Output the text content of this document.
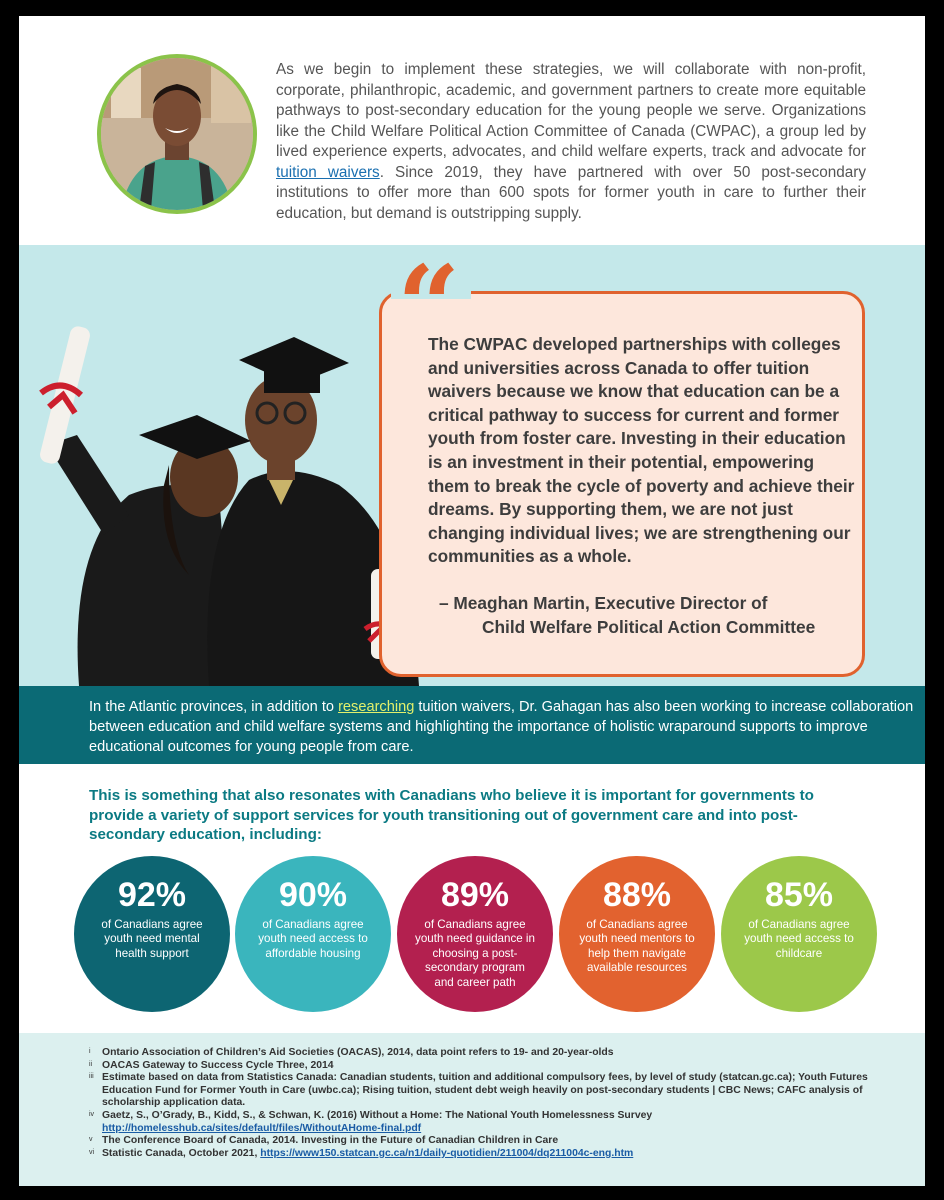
As we begin to implement these strategies, we will collaborate with non-profit, corporate, philanthropic, academic, and government partners to create more equitable pathways to post-secondary education for the young people we serve. Organizations like the Child Welfare Political Action Committee of Canada (CWPAC), a group led by lived experience experts, advocates, and child welfare experts, track and advocate for tuition waivers. Since 2019, they have partnered with over 50 post-secondary institutions to offer more than 600 spots for former youth in care to further their education, but demand is outstripping supply.

“

The CWPAC developed partnerships with colleges and universities across Canada to offer tuition waivers because we know that education can be a critical pathway to success for current and former youth from foster care. Investing in their education is an investment in their potential, empowering them to break the cycle of poverty and achieve their dreams. By supporting them, we are not just changing individual lives; we are strengthening our communities as a whole.

– Meaghan Martin, Executive Director of
Child Welfare Political Action Committee

In the Atlantic provinces, in addition to researching tuition waivers, Dr. Gahagan has also been working to increase collaboration between education and child welfare systems and highlighting the importance of holistic wraparound supports to improve educational outcomes for young people from care.

This is something that also resonates with Canadians who believe it is important for governments to provide a variety of support services for youth transitioning out of government care and into post-secondary education, including:

92%
of Canadians agree youth need mental health support
90%
of Canadians agree youth need access to affordable housing
89%
of Canadians agree youth need guidance in choosing a post-secondary program and career path
88%
of Canadians agree youth need mentors to help them navigate available resources
85%
of Canadians agree youth need access to childcare
i	Ontario Association of Children’s Aid Societies (OACAS), 2014, data point refers to 19- and 20-year-olds
ii OACAS Gateway to Success Cycle Three, 2014
iii Estimate based on data from Statistics Canada: Canadian students, tuition and additional compulsory fees, by level of study (statcan.gc.ca); Youth Futures Education Fund for Former Youth in Care (uwbc.ca); Rising tuition, student debt weigh heavily on post-secondary students | CBC News; CAFC analysis of scholarship application data.
iv Gaetz, S., O’Grady, B., Kidd, S., & Schwan, K. (2016) Without a Home: The National Youth Homelessness Survey http://homelesshub.ca/sites/default/files/WithoutAHome-final.pdf
v The Conference Board of Canada, 2014. Investing in the Future of Canadian Children in Care
vi Statistic Canada, October 2021, https://www150.statcan.gc.ca/n1/daily-quotidien/211004/dq211004c-eng.htm
